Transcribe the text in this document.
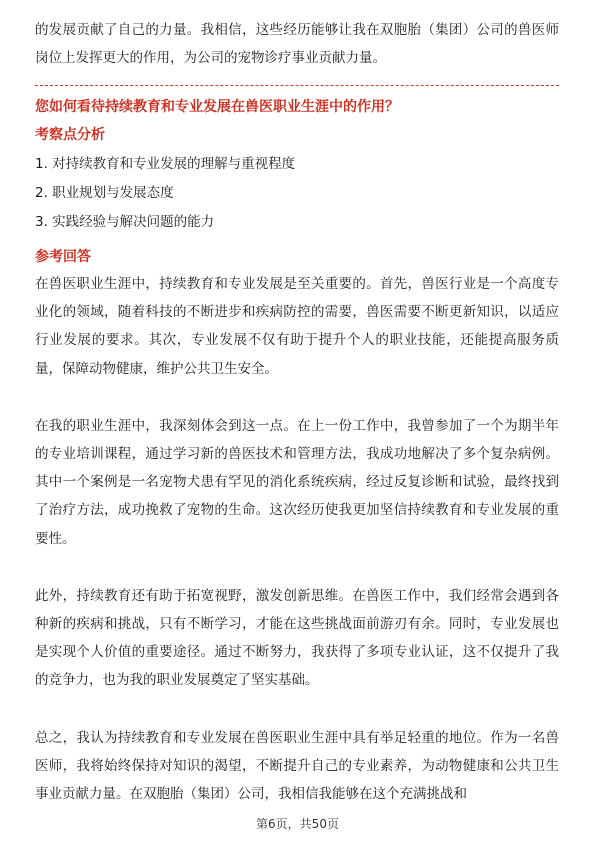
的发展贡献了自己的力量。我相信，这些经历能够让我在双胞胎（集团）公司的兽医师岗位上发挥更大的作用，为公司的宠物诊疗事业贡献力量。

您如何看待持续教育和专业发展在兽医职业生涯中的作用？

考察点分析

1. 对持续教育和专业发展的理解与重视程度
2. 职业规划与发展态度
3. 实践经验与解决问题的能力

参考回答

在兽医职业生涯中，持续教育和专业发展是至关重要的。首先，兽医行业是一个高度专业化的领域，随着科技的不断进步和疾病防控的需要，兽医需要不断更新知识，以适应行业发展的要求。其次，专业发展不仅有助于提升个人的职业技能，还能提高服务质量，保障动物健康，维护公共卫生安全。

在我的职业生涯中，我深刻体会到这一点。在上一份工作中，我曾参加了一个为期半年的专业培训课程，通过学习新的兽医技术和管理方法，我成功地解决了多个复杂病例。其中一个案例是一名宠物犬患有罕见的消化系统疾病，经过反复诊断和试验，最终找到了治疗方法，成功挽救了宠物的生命。这次经历使我更加坚信持续教育和专业发展的重要性。

此外，持续教育还有助于拓宽视野，激发创新思维。在兽医工作中，我们经常会遇到各种新的疾病和挑战，只有不断学习，才能在这些挑战面前游刃有余。同时，专业发展也是实现个人价值的重要途径。通过不断努力，我获得了多项专业认证，这不仅提升了我的竞争力，也为我的职业发展奠定了坚实基础。

总之，我认为持续教育和专业发展在兽医职业生涯中具有举足轻重的地位。作为一名兽医师，我将始终保持对知识的渴望，不断提升自己的专业素养，为动物健康和公共卫生事业贡献力量。在双胞胎（集团）公司，我相信我能够在这个充满挑战和

第6页，共50页
